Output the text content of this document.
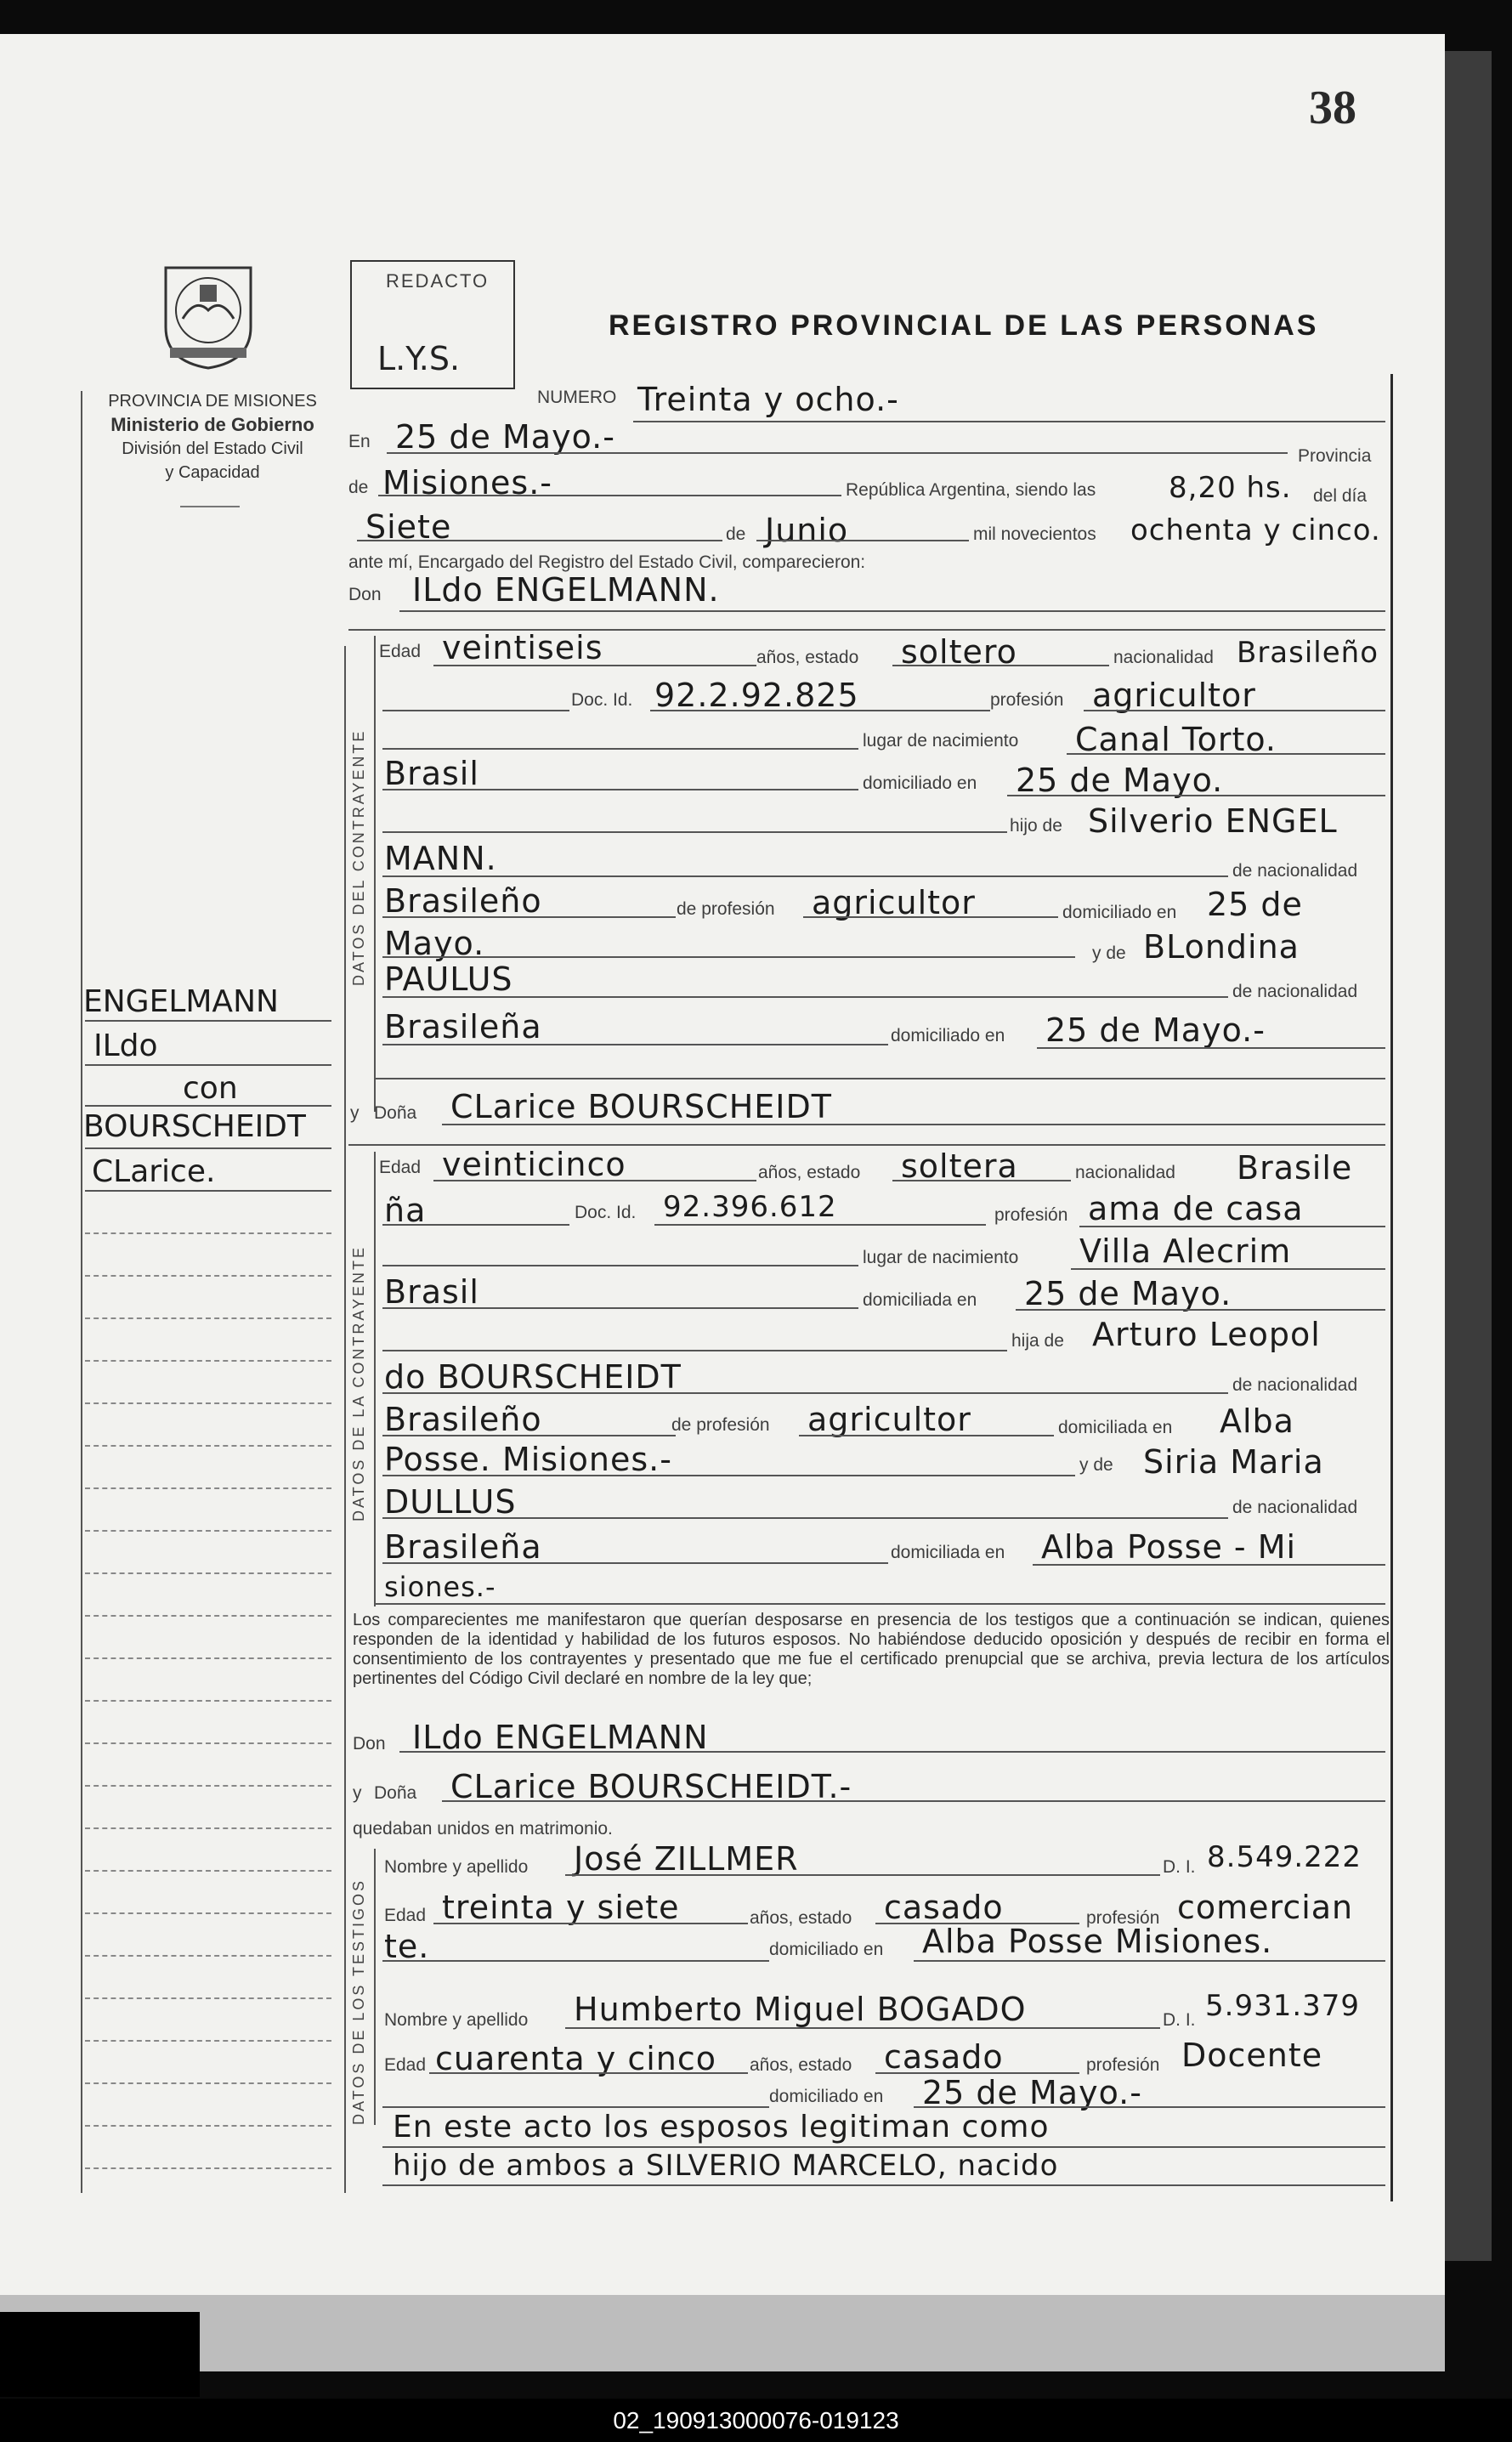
38
PROVINCIA DE MISIONES
Ministerio de Gobierno
División del Estado Civil
y Capacidad
REDACTO
L.Y.S.
REGISTRO PROVINCIAL DE LAS PERSONAS
NUMERO Treinta y ocho.-
En 25 de Mayo.-
Provincia
de Misiones.-	República Argentina, siendo las	8,20 hs. del día
Siete	de Junio	mil novecientos ochenta y cinco.
ante mí, Encargado del Registro del Estado Civil, comparecieron:
Don ILdo ENGELMANN.
DATOS DEL CONTRAYENTE
Edad veintiseis	años, estado soltero	nacionalidad Brasileño
Doc. Id. 92.2.92.825	profesión agricultor
lugar de nacimiento Canal Torto.
Brasil	domiciliado en 25 de Mayo.
hijo de Silverio ENGEL
MANN.	de nacionalidad
Brasileño	de profesión agricultor	domiciliado en 25 de
Mayo.	y de BLondina
PAULUS	de nacionalidad
Brasileña	domiciliado en 25 de Mayo.-
ENGELMANN
ILdo
con
BOURSCHEIDT
CLarice.
y Doña CLarice BOURSCHEIDT
DATOS DE LA CONTRAYENTE
Edad veinticinco	años, estado soltera	nacionalidad Brasile
ña	Doc. Id. 92.396.612	profesión ama de casa
lugar de nacimiento Villa Alecrim
Brasil	domiciliada en 25 de Mayo.
hija de Arturo Leopol
do BOURSCHEIDT	de nacionalidad
Brasileño	de profesión agricultor	domiciliada en Alba
Posse. Misiones.-	y de Siria Maria
DULLUS	de nacionalidad
Brasileña	domiciliada en Alba Posse - Mi
siones.-
Los comparecientes me manifestaron que querían desposarse en presencia de los testigos que a continuación se indican, quienes responden de la identidad y habilidad de los futuros esposos. No habiéndose deducido oposición y después de recibir en forma el consentimiento de los contrayentes y presentado que me fue el certificado prenupcial que se archiva, previa lectura de los artículos pertinentes del Código Civil declaré en nombre de la ley que;
Don ILdo ENGELMANN
y Doña CLarice BOURSCHEIDT.-
quedaban unidos en matrimonio.
DATOS DE LOS TESTIGOS
Nombre y apellido José ZILLMER	D. I. 8.549.222
Edad treinta y siete	años, estado casado	profesión comercian
te.	domiciliado en Alba Posse Misiones.
Nombre y apellido Humberto Miguel BOGADO	D. I. 5.931.379
Edad cuarenta y cinco años, estado casado	profesión Docente
domiciliado en 25 de Mayo.-
En este acto los esposos legitiman como
hijo de ambos a SILVERIO MARCELO, nacido
02_190913000076-019123
